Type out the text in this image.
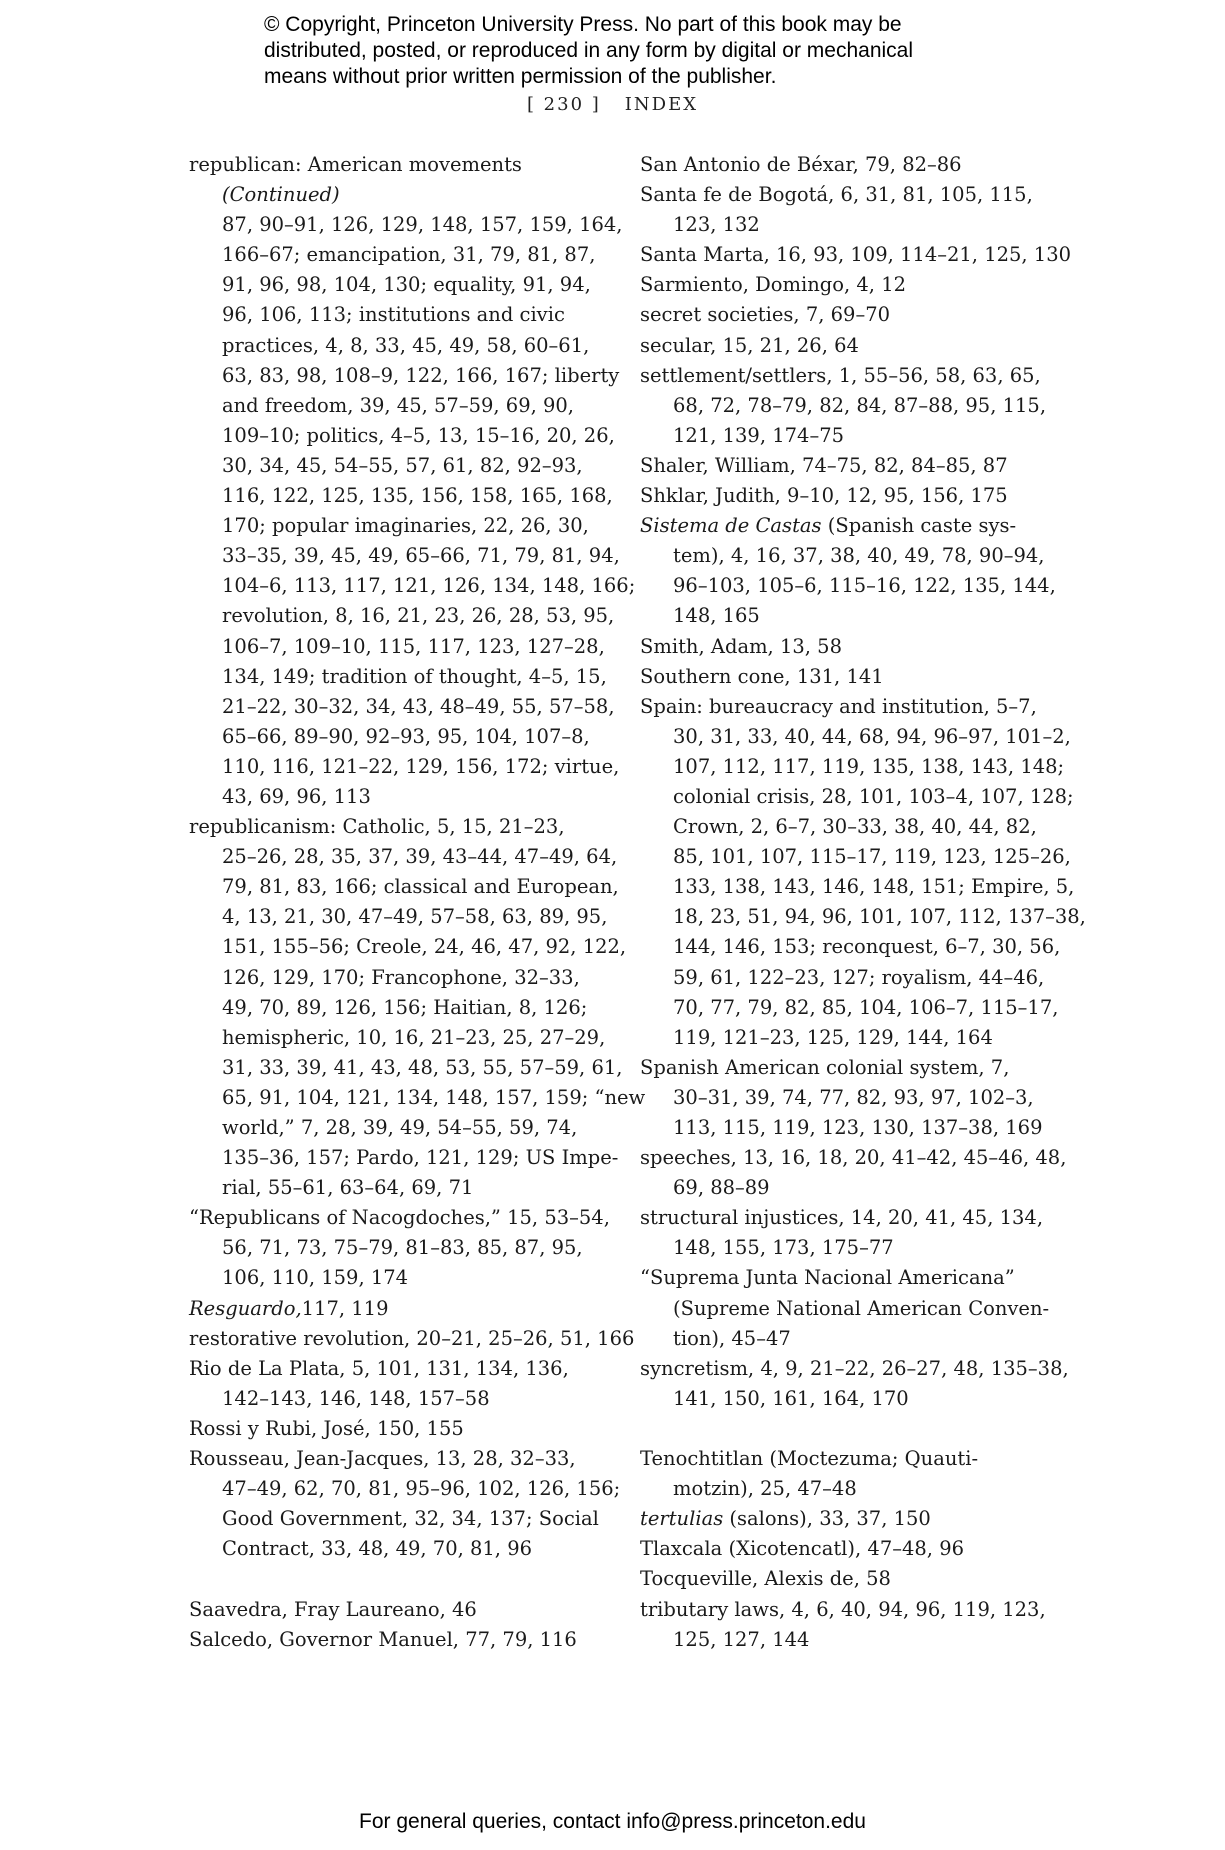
© Copyright, Princeton University Press. No part of this book may be
distributed, posted, or reproduced in any form by digital or mechanical
means without prior written permission of the publisher.
[ 230 ] INDEX
republican: American movements
(Continued)
87, 90–91, 126, 129, 148, 157, 159, 164,
166–67; emancipation, 31, 79, 81, 87,
91, 96, 98, 104, 130; equality, 91, 94,
96, 106, 113; institutions and civic
practices, 4, 8, 33, 45, 49, 58, 60–61,
63, 83, 98, 108–9, 122, 166, 167; liberty
and freedom, 39, 45, 57–59, 69, 90,
109–10; politics, 4–5, 13, 15–16, 20, 26,
30, 34, 45, 54–55, 57, 61, 82, 92–93,
116, 122, 125, 135, 156, 158, 165, 168,
170; popular imaginaries, 22, 26, 30,
33–35, 39, 45, 49, 65–66, 71, 79, 81, 94,
104–6, 113, 117, 121, 126, 134, 148, 166;
revolution, 8, 16, 21, 23, 26, 28, 53, 95,
106–7, 109–10, 115, 117, 123, 127–28,
134, 149; tradition of thought, 4–5, 15,
21–22, 30–32, 34, 43, 48–49, 55, 57–58,
65–66, 89–90, 92–93, 95, 104, 107–8,
110, 116, 121–22, 129, 156, 172; virtue,
43, 69, 96, 113
republicanism: Catholic, 5, 15, 21–23,
25–26, 28, 35, 37, 39, 43–44, 47–49, 64,
79, 81, 83, 166; classical and European,
4, 13, 21, 30, 47–49, 57–58, 63, 89, 95,
151, 155–56; Creole, 24, 46, 47, 92, 122,
126, 129, 170; Francophone, 32–33,
49, 70, 89, 126, 156; Haitian, 8, 126;
hemispheric, 10, 16, 21–23, 25, 27–29,
31, 33, 39, 41, 43, 48, 53, 55, 57–59, 61,
65, 91, 104, 121, 134, 148, 157, 159; “new
world,” 7, 28, 39, 49, 54–55, 59, 74,
135–36, 157; Pardo, 121, 129; US Impe-
rial, 55–61, 63–64, 69, 71
“Republicans of Nacogdoches,” 15, 53–54,
56, 71, 73, 75–79, 81–83, 85, 87, 95,
106, 110, 159, 174
Resguardo,117, 119
restorative revolution, 20–21, 25–26, 51, 166
Rio de La Plata, 5, 101, 131, 134, 136,
142–143, 146, 148, 157–58
Rossi y Rubi, José, 150, 155
Rousseau, Jean-Jacques, 13, 28, 32–33,
47–49, 62, 70, 81, 95–96, 102, 126, 156;
Good Government, 32, 34, 137; Social
Contract, 33, 48, 49, 70, 81, 96
Saavedra, Fray Laureano, 46
Salcedo, Governor Manuel, 77, 79, 116
San Antonio de Béxar, 79, 82–86
Santa fe de Bogotá, 6, 31, 81, 105, 115,
123, 132
Santa Marta, 16, 93, 109, 114–21, 125, 130
Sarmiento, Domingo, 4, 12
secret societies, 7, 69–70
secular, 15, 21, 26, 64
settlement/settlers, 1, 55–56, 58, 63, 65,
68, 72, 78–79, 82, 84, 87–88, 95, 115,
121, 139, 174–75
Shaler, William, 74–75, 82, 84–85, 87
Shklar, Judith, 9–10, 12, 95, 156, 175
Sistema de Castas (Spanish caste sys-
tem), 4, 16, 37, 38, 40, 49, 78, 90–94,
96–103, 105–6, 115–16, 122, 135, 144,
148, 165
Smith, Adam, 13, 58
Southern cone, 131, 141
Spain: bureaucracy and institution, 5–7,
30, 31, 33, 40, 44, 68, 94, 96–97, 101–2,
107, 112, 117, 119, 135, 138, 143, 148;
colonial crisis, 28, 101, 103–4, 107, 128;
Crown, 2, 6–7, 30–33, 38, 40, 44, 82,
85, 101, 107, 115–17, 119, 123, 125–26,
133, 138, 143, 146, 148, 151; Empire, 5,
18, 23, 51, 94, 96, 101, 107, 112, 137–38,
144, 146, 153; reconquest, 6–7, 30, 56,
59, 61, 122–23, 127; royalism, 44–46,
70, 77, 79, 82, 85, 104, 106–7, 115–17,
119, 121–23, 125, 129, 144, 164
Spanish American colonial system, 7,
30–31, 39, 74, 77, 82, 93, 97, 102–3,
113, 115, 119, 123, 130, 137–38, 169
speeches, 13, 16, 18, 20, 41–42, 45–46, 48,
69, 88–89
structural injustices, 14, 20, 41, 45, 134,
148, 155, 173, 175–77
“Suprema Junta Nacional Americana”
(Supreme National American Conven-
tion), 45–47
syncretism, 4, 9, 21–22, 26–27, 48, 135–38,
141, 150, 161, 164, 170
Tenochtitlan (Moctezuma; Quauti-
motzin), 25, 47–48
tertulias (salons), 33, 37, 150
Tlaxcala (Xicotencatl), 47–48, 96
Tocqueville, Alexis de, 58
tributary laws, 4, 6, 40, 94, 96, 119, 123,
125, 127, 144
For general queries, contact info@press.princeton.edu
